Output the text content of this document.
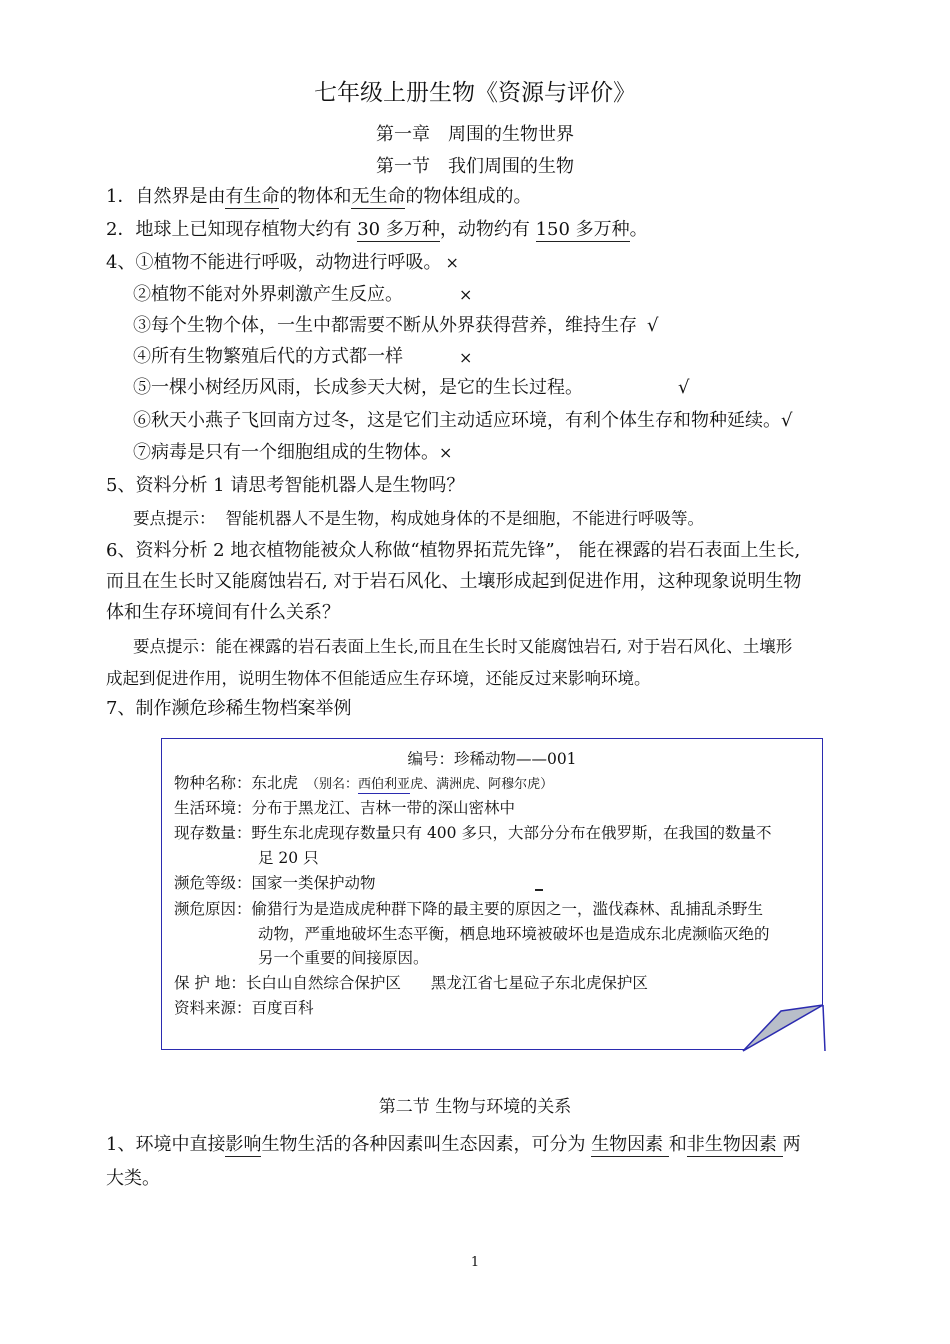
七年级上册生物《资源与评价》
第一章　周围的生物世界
第一节　我们周围的生物
1．自然界是由有生命的物体和无生命的物体组成的。
2．地球上已知现存植物大约有 30 多万种，动物约有 150 多万种。
4、①植物不能进行呼吸，动物进行呼吸。 ×
②植物不能对外界刺激产生反应。	×
③每个生物个体，一生中都需要不断从外界获得营养，维持生存 √
④所有生物繁殖后代的方式都一样	×
⑤一棵小树经历风雨，长成参天大树，是它的生长过程。	√
⑥秋天小燕子飞回南方过冬，这是它们主动适应环境，有利个体生存和物种延续。√
⑦病毒是只有一个细胞组成的生物体。×
5、资料分析 1 请思考智能机器人是生物吗？
要点提示： 智能机器人不是生物，构成她身体的不是细胞，不能进行呼吸等。
6、资料分析 2 地衣植物能被众人称做“植物界拓荒先锋”， 能在裸露的岩石表面上生长,
而且在生长时又能腐蚀岩石, 对于岩石风化、土壤形成起到促进作用，这种现象说明生物
体和生存环境间有什么关系？
要点提示：能在裸露的岩石表面上生长,而且在生长时又能腐蚀岩石, 对于岩石风化、土壤形
成起到促进作用，说明生物体不但能适应生存环境，还能反过来影响环境。
7、制作濒危珍稀生物档案举例
编号：珍稀动物——001
物种名称：东北虎 （别名：西伯利亚虎、满洲虎、阿穆尔虎）
生活环境：分布于黑龙江、吉林一带的深山密林中
现存数量：野生东北虎现存数量只有 400 多只，大部分分布在俄罗斯，在我国的数量不
足 20 只
濒危等级：国家一类保护动物
濒危原因：偷猎行为是造成虎种群下降的最主要的原因之一，滥伐森林、乱捕乱杀野生
动物，严重地破坏生态平衡，栖息地环境被破坏也是造成东北虎濒临灭绝的
另一个重要的间接原因。
保 护 地：长白山自然综合保护区 黑龙江省七星砬子东北虎保护区
资料来源：百度百科
第二节 生物与环境的关系
1、环境中直接影响生物生活的各种因素叫生态因素，可分为 生物因素 和非生物因素 两
大类。
1
